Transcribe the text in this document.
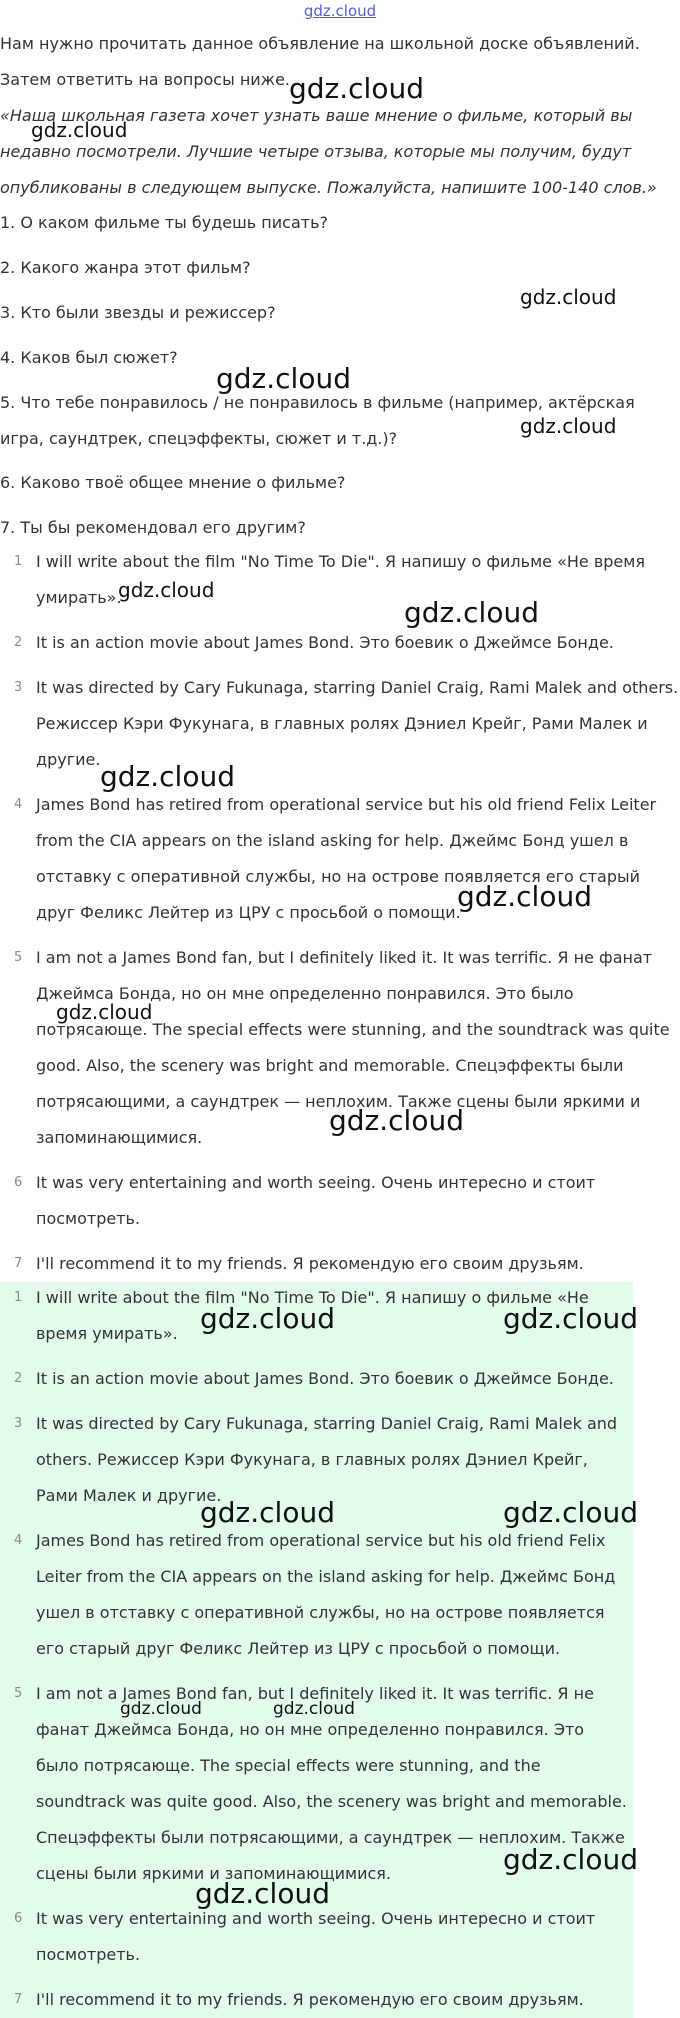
gdz.cloud
Нам нужно прочитать данное объявление на школьной доске объявлений.
Затем ответить на вопросы ниже.
«Наша школьная газета хочет узнать ваше мнение о фильме, который вы недавно посмотрели. Лучшие четыре отзыва, которые мы получим, будут опубликованы в следующем выпуске. Пожалуйста, напишите 100-140 слов.»
1. О каком фильме ты будешь писать?
2. Какого жанра этот фильм?
3. Кто были звезды и режиссер?
4. Каков был сюжет?
5. Что тебе понравилось / не понравилось в фильме (например, актёрская игра, саундтрек, спецэффекты, сюжет и т.д.)?
6. Каково твоё общее мнение о фильме?
7. Ты бы рекомендовал его другим?
1 I will write about the film "No Time To Die". Я напишу о фильме «Не время умирать».
2 It is an action movie about James Bond. Это боевик о Джеймсе Бонде.
3 It was directed by Cary Fukunaga, starring Daniel Craig, Rami Malek and others. Режиссер Кэри Фукунага, в главных ролях Дэниел Крейг, Рами Малек и другие.
4 James Bond has retired from operational service but his old friend Felix Leiter from the CIA appears on the island asking for help. Джеймс Бонд ушел в отставку с оперативной службы, но на острове появляется его старый друг Феликс Лейтер из ЦРУ с просьбой о помощи.
5 I am not a James Bond fan, but I definitely liked it. It was terrific. Я не фанат Джеймса Бонда, но он мне определенно понравился. Это было потрясающе. The special effects were stunning, and the soundtrack was quite good. Also, the scenery was bright and memorable. Спецэффекты были потрясающими, а саундтрек — неплохим. Также сцены были яркими и запоминающимися.
6 It was very entertaining and worth seeing. Очень интересно и стоит посмотреть.
7 I'll recommend it to my friends. Я рекомендую его своим друзьям.
1 I will write about the film "No Time To Die". Я напишу о фильме «Не время умирать».
2 It is an action movie about James Bond. Это боевик о Джеймсе Бонде.
3 It was directed by Cary Fukunaga, starring Daniel Craig, Rami Malek and others. Режиссер Кэри Фукунага, в главных ролях Дэниел Крейг, Рами Малек и другие.
4 James Bond has retired from operational service but his old friend Felix Leiter from the CIA appears on the island asking for help. Джеймс Бонд ушел в отставку с оперативной службы, но на острове появляется его старый друг Феликс Лейтер из ЦРУ с просьбой о помощи.
5 I am not a James Bond fan, but I definitely liked it. It was terrific. Я не фанат Джеймса Бонда, но он мне определенно понравился. Это было потрясающе. The special effects were stunning, and the soundtrack was quite good. Also, the scenery was bright and memorable. Спецэффекты были потрясающими, а саундтрек — неплохим. Также сцены были яркими и запоминающимися.
6 It was very entertaining and worth seeing. Очень интересно и стоит посмотреть.
7 I'll recommend it to my friends. Я рекомендую его своим друзьям.
gdz.cloud
gdz.cloud
gdz.cloud
gdz.cloud
gdz.cloud
gdz.cloud
gdz.cloud
gdz.cloud
gdz.cloud
gdz.cloud
gdz.cloud
gdz.cloud	gdz.cloud
gdz.cloud	gdz.cloud
gdz.cloud	gdz.cloud
gdz.cloud
gdz.cloud
